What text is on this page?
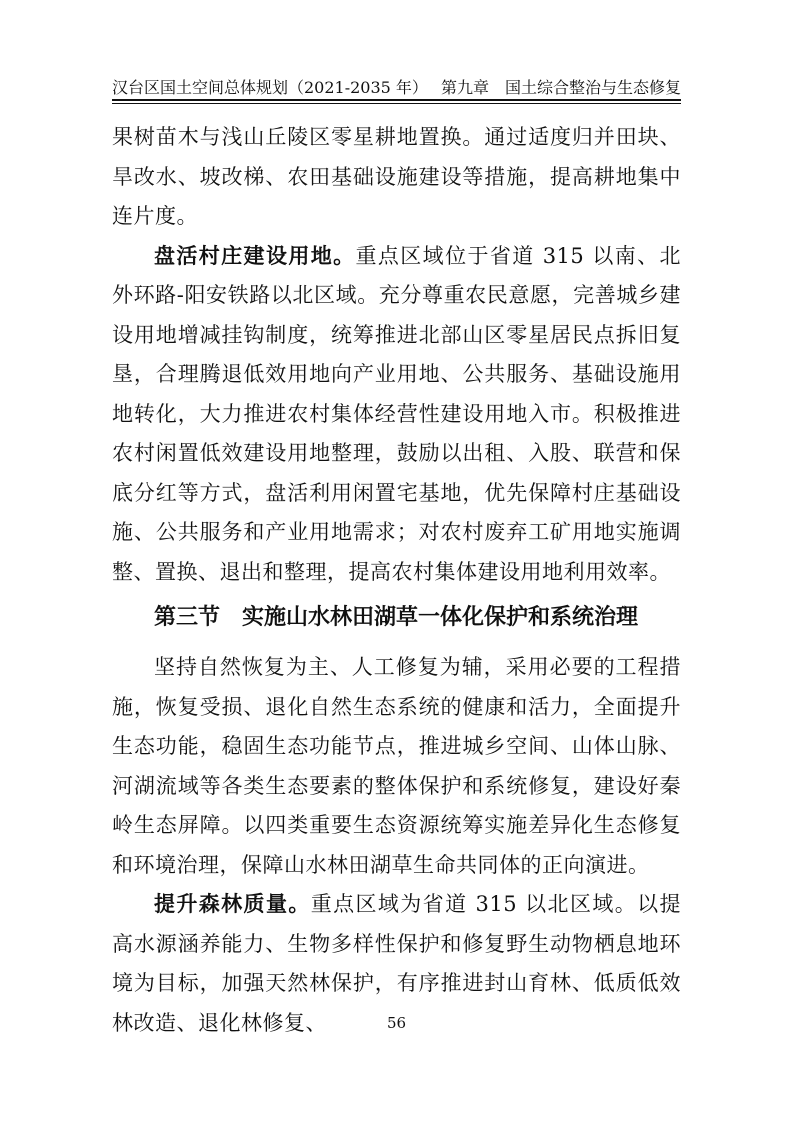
汉台区国土空间总体规划（2021-2035 年） 第九章　国土综合整治与生态修复

果树苗木与浅山丘陵区零星耕地置换。通过适度归并田块、旱改水、坡改梯、农田基础设施建设等措施，提高耕地集中连片度。

盘活村庄建设用地。重点区域位于省道 315 以南、北外环路-阳安铁路以北区域。充分尊重农民意愿，完善城乡建设用地增减挂钩制度，统筹推进北部山区零星居民点拆旧复垦，合理腾退低效用地向产业用地、公共服务、基础设施用地转化，大力推进农村集体经营性建设用地入市。积极推进农村闲置低效建设用地整理，鼓励以出租、入股、联营和保底分红等方式，盘活利用闲置宅基地，优先保障村庄基础设施、公共服务和产业用地需求；对农村废弃工矿用地实施调整、置换、退出和整理，提高农村集体建设用地利用效率。

第三节 实施山水林田湖草一体化保护和系统治理

坚持自然恢复为主、人工修复为辅，采用必要的工程措施，恢复受损、退化自然生态系统的健康和活力，全面提升生态功能，稳固生态功能节点，推进城乡空间、山体山脉、河湖流域等各类生态要素的整体保护和系统修复，建设好秦岭生态屏障。以四类重要生态资源统筹实施差异化生态修复和环境治理，保障山水林田湖草生命共同体的正向演进。

提升森林质量。重点区域为省道 315 以北区域。以提高水源涵养能力、生物多样性保护和修复野生动物栖息地环境为目标，加强天然林保护，有序推进封山育林、低质低效林改造、退化林修复、	56
